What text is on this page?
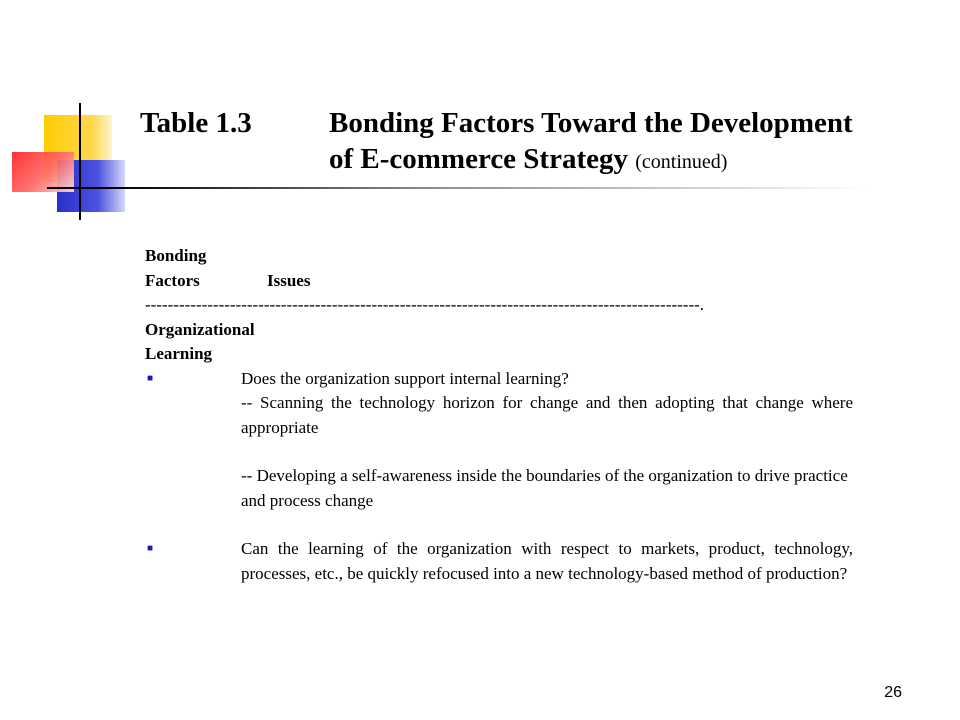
Table 1.3	Bonding Factors Toward the Development
of E-commerce Strategy (continued)
Bonding
Factors	Issues
--------------------------------------------------------------------------------------------------.
Organizational
Learning
■	Does the organization support internal learning?
-- Scanning the technology horizon for change and then adopting that change where appropriate
-- Developing a self-awareness inside the boundaries of the organization to drive practice and process change
■	Can the learning of the organization with respect to markets, product, technology, processes, etc., be quickly refocused into a new technology-based method of production?
26
